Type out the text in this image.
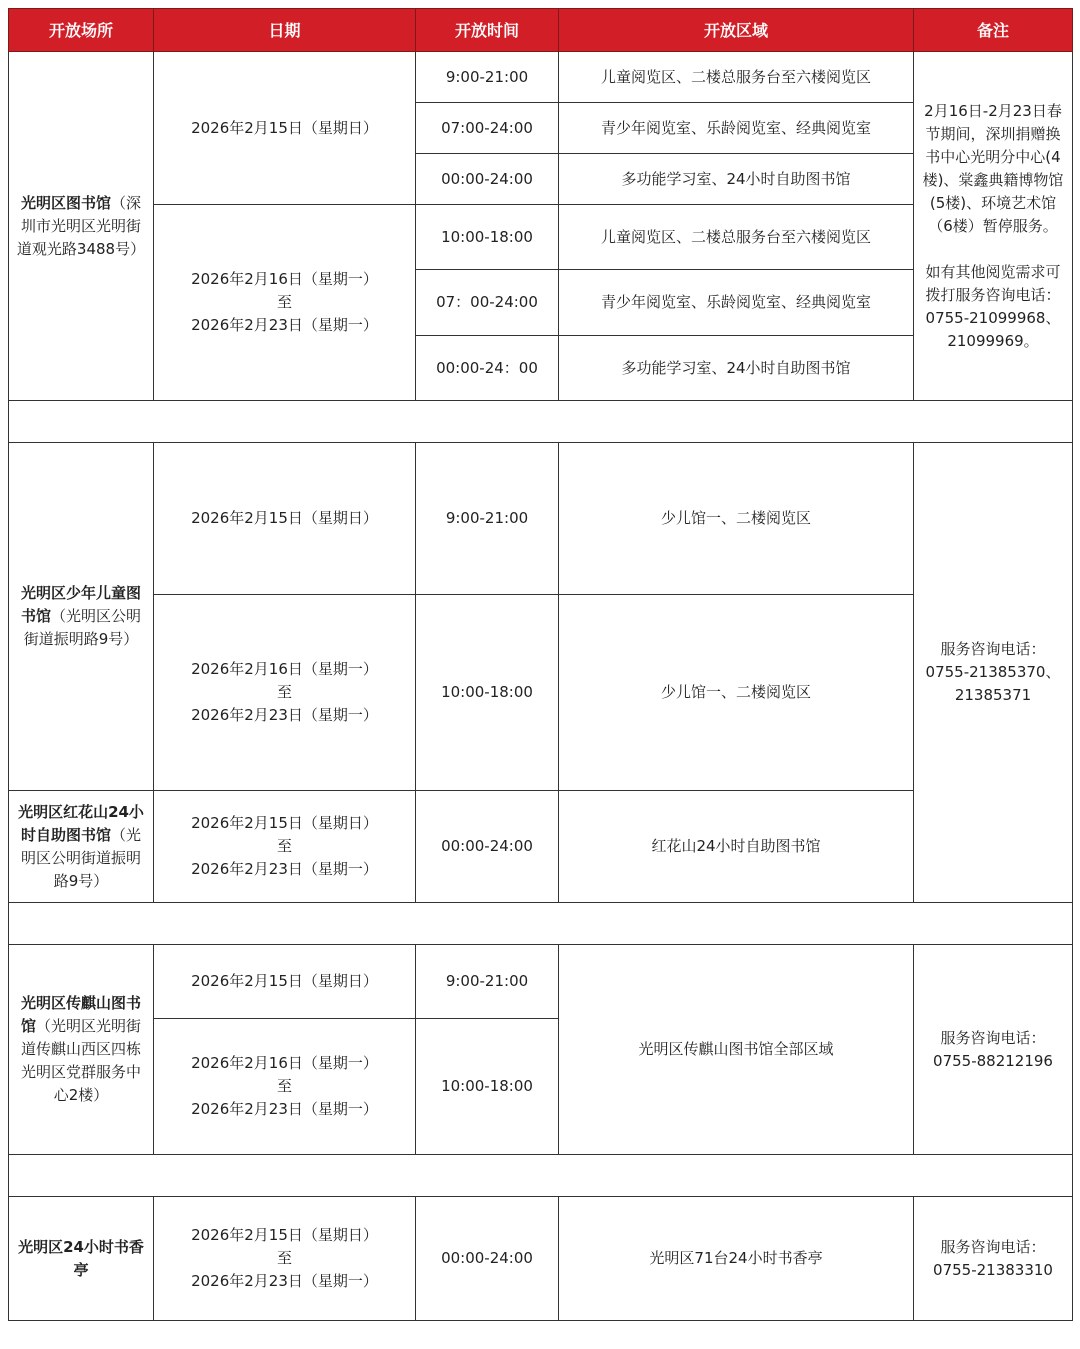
开放场所	日期	开放时间	开放区域	备注
光明区图书馆（深圳市光明区光明街道观光路3488号）	2026年2月15日（星期日）	9:00-21:00	儿童阅览区、二楼总服务台至六楼阅览区	2月16日-2月23日春节期间，深圳捐赠换书中心光明分中心(4楼)、棠鑫典籍博物馆(5楼)、环境艺术馆（6楼）暂停服务。
如有其他阅览需求可拨打服务咨询电话：0755-21099968、21099969。

		07:00-24:00	青少年阅览室、乐龄阅览室、经典阅览室	
		00:00-24:00	多功能学习室、24小时自助图书馆	
	2026年2月16日（星期一）
至
2026年2月23日（星期一）	10:00-18:00	儿童阅览区、二楼总服务台至六楼阅览区	
		07：00-24:00	青少年阅览室、乐龄阅览室、经典阅览室	
		00:00-24：00	多功能学习室、24小时自助图书馆	

光明区少年儿童图书馆（光明区公明街道振明路9号）	2026年2月15日（星期日）	9:00-21:00	少儿馆一、二楼阅览区	服务咨询电话：0755-21385370、21385371
	2026年2月16日（星期一）
至
2026年2月23日（星期一）	10:00-18:00	少儿馆一、二楼阅览区	
光明区红花山24小时自助图书馆（光明区公明街道振明路9号）	2026年2月15日（星期日）
至
2026年2月23日（星期一）	00:00-24:00	红花山24小时自助图书馆	

光明区传麒山图书馆（光明区光明街道传麒山西区四栋光明区党群服务中心2楼）	2026年2月15日（星期日）	9:00-21:00	光明区传麒山图书馆全部区域	服务咨询电话：0755-88212196
	2026年2月16日（星期一）
至
2026年2月23日（星期一）	10:00-18:00		

光明区24小时书香亭	2026年2月15日（星期日）
至
2026年2月23日（星期一）	00:00-24:00	光明区71台24小时书香亭	服务咨询电话：0755-21383310
